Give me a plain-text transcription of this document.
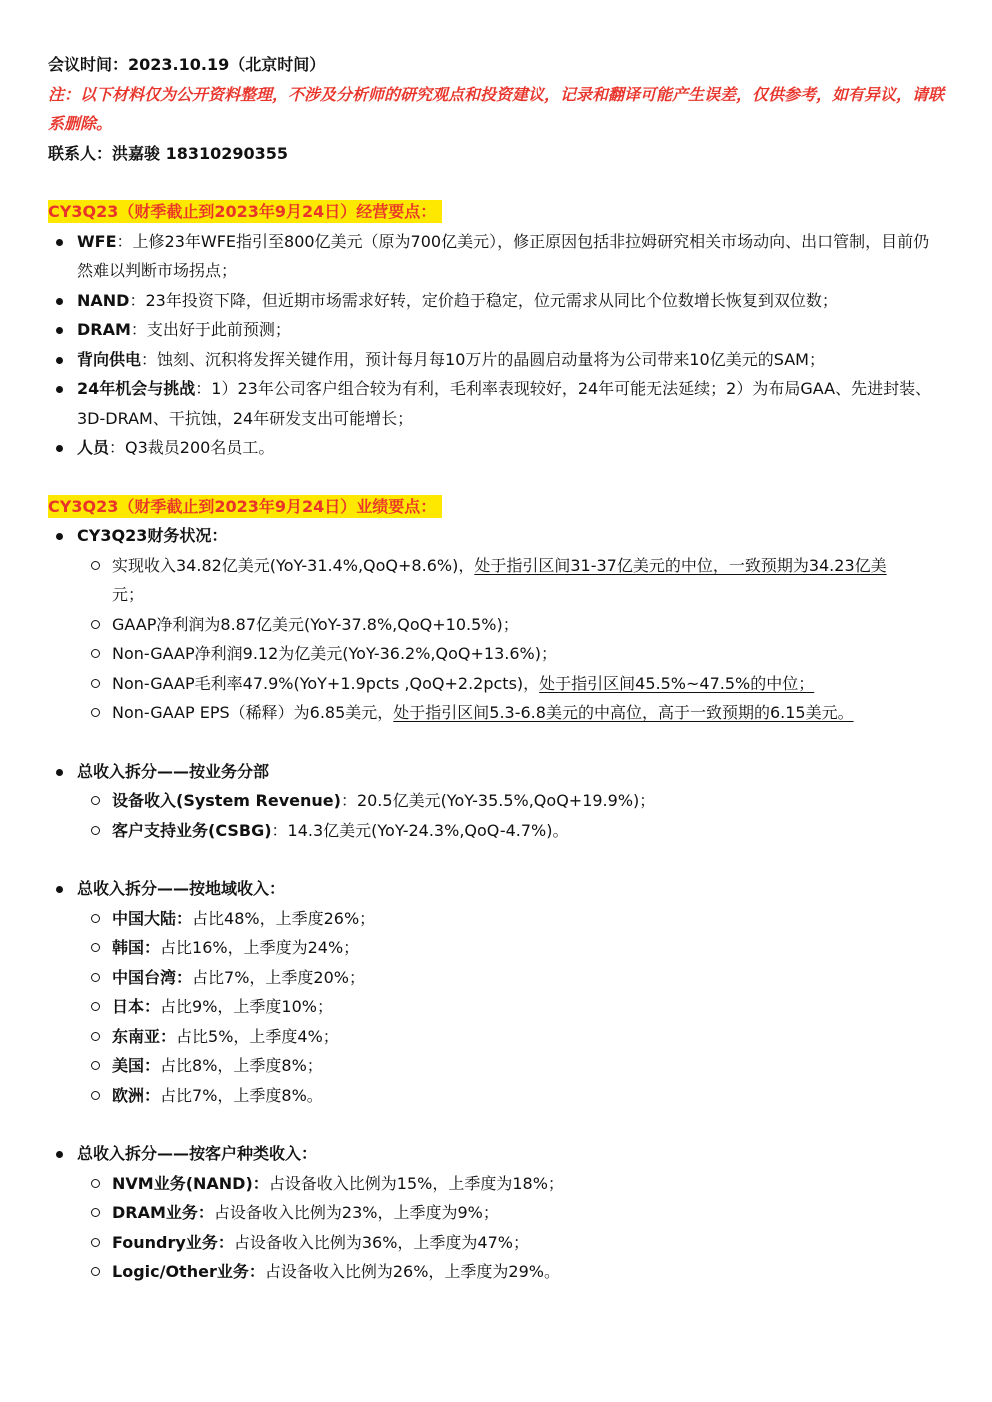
会议时间：2023.10.19（北京时间）
注：以下材料仅为公开资料整理，不涉及分析师的研究观点和投资建议，记录和翻译可能产生误差，仅供参考，如有异议，请联系删除。
联系人：洪嘉骏 18310290355
CY3Q23（财季截止到2023年9月24日）经营要点：
WFE：上修23年WFE指引至800亿美元（原为700亿美元），修正原因包括非拉姆研究相关市场动向、出口管制，目前仍然难以判断市场拐点；
NAND：23年投资下降，但近期市场需求好转，定价趋于稳定，位元需求从同比个位数增长恢复到双位数；
DRAM：支出好于此前预测；
背向供电：蚀刻、沉积将发挥关键作用，预计每月每10万片的晶圆启动量将为公司带来10亿美元的SAM；
24年机会与挑战：1）23年公司客户组合较为有利，毛利率表现较好，24年可能无法延续；2）为布局GAA、先进封装、3D-DRAM、干抗蚀，24年研发支出可能增长；
人员：Q3裁员200名员工。
CY3Q23（财季截止到2023年9月24日）业绩要点：
CY3Q23财务状况：
实现收入34.82亿美元(YoY-31.4%,QoQ+8.6%)，处于指引区间31-37亿美元的中位，一致预期为34.23亿美
元；
GAAP净利润为8.87亿美元(YoY-37.8%,QoQ+10.5%)；
Non-GAAP净利润9.12为亿美元(YoY-36.2%,QoQ+13.6%)；
Non-GAAP毛利率47.9%(YoY+1.9pcts ,QoQ+2.2pcts)，处于指引区间45.5%~47.5%的中位；
Non-GAAP EPS（稀释）为6.85美元，处于指引区间5.3-6.8美元的中高位，高于一致预期的6.15美元。
总收入拆分——按业务分部
设备收入(System Revenue)：20.5亿美元(YoY-35.5%,QoQ+19.9%)；
客户支持业务(CSBG)：14.3亿美元(YoY-24.3%,QoQ-4.7%)。
总收入拆分——按地域收入：
中国大陆：占比48%，上季度26%；
韩国：占比16%，上季度为24%；
中国台湾：占比7%，上季度20%；
日本：占比9%，上季度10%；
东南亚：占比5%，上季度4%；
美国：占比8%，上季度8%；
欧洲：占比7%，上季度8%。
总收入拆分——按客户种类收入：
NVM业务(NAND)：占设备收入比例为15%，上季度为18%；
DRAM业务：占设备收入比例为23%，上季度为9%；
Foundry业务：占设备收入比例为36%，上季度为47%；
Logic/Other业务：占设备收入比例为26%，上季度为29%。
